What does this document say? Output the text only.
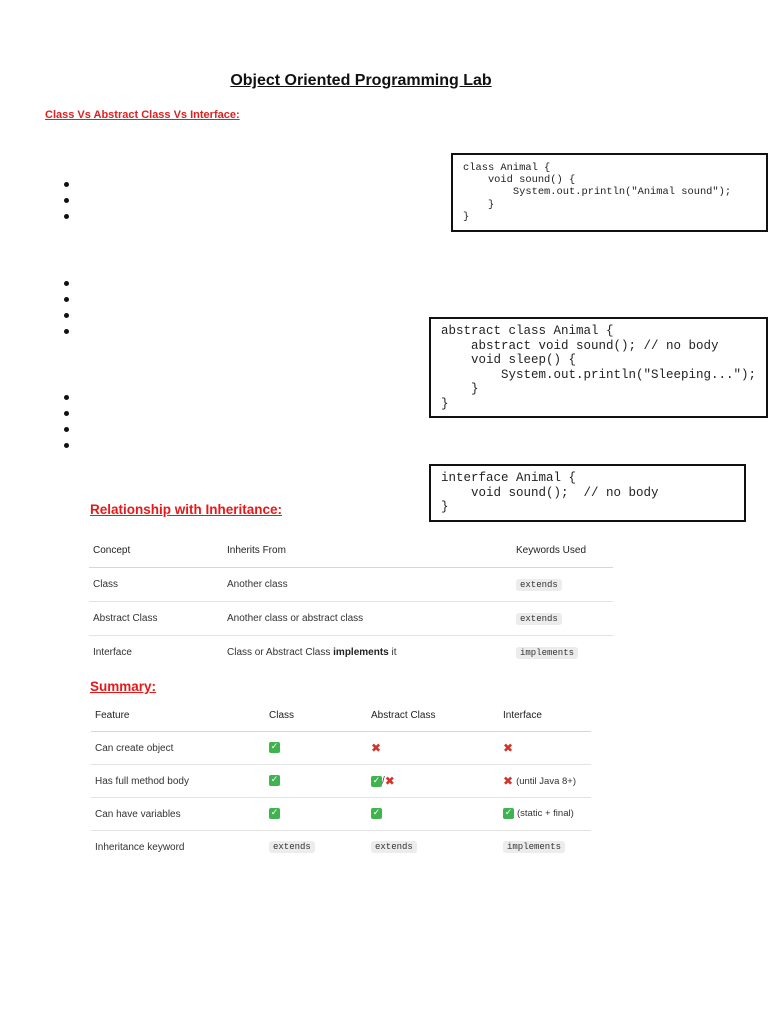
Object Oriented Programming Lab
Class Vs Abstract Class Vs Interface:
class Animal {
void sound() {
System.out.println("Animal sound");
}
}
abstract class Animal {
abstract void sound(); // no body
void sleep() {
System.out.println("Sleeping...");
}
}
interface Animal {
void sound();  // no body
}
Relationship with Inheritance:
Concept	Inherits From	Keywords Used
Class	Another class	extends
Abstract Class	Another class or abstract class	extends
Interface	Class or Abstract Class implements it	implements
Summary:
Feature	Class	Abstract Class	Interface
Can create object	✓	✖	✖
Has full method body	✓	✓ /✖	✖ (until Java 8+)
Can have variables	✓	✓	✓ (static + final)
Inheritance keyword	extends	extends	implements
